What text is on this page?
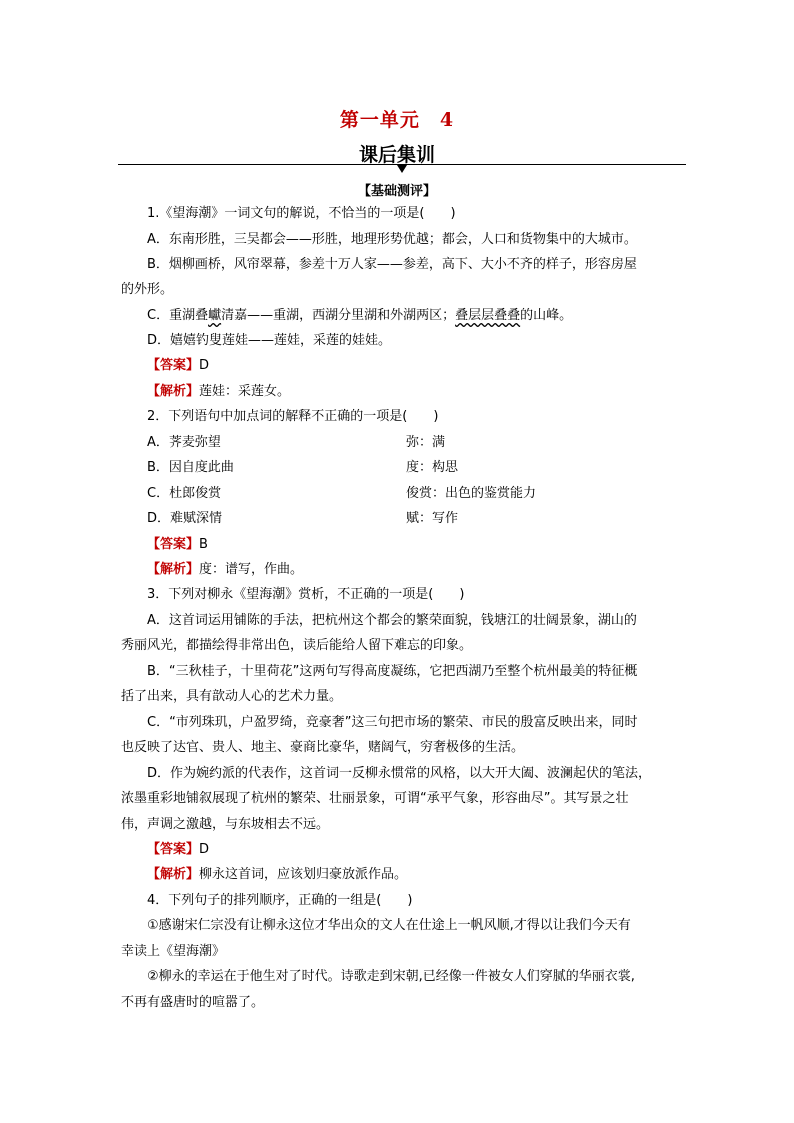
第一单元　4
课后集训
【基础测评】
1.《望海潮》一词文句的解说，不恰当的一项是(　　)
A．东南形胜，三吴都会——形胜，地理形势优越；都会，人口和货物集中的大城市。
B．烟柳画桥，风帘翠幕，参差十万人家——参差，高下、大小不齐的样子，形容房屋
的外形。
C．重湖叠巘清嘉——重湖，西湖分里湖和外湖两区；叠层层叠叠的山峰。
D．嬉嬉钓叟莲娃——莲娃，采莲的娃娃。
【答案】D
【解析】莲娃：采莲女。
2．下列语句中加点词的解释不正确的一项是(　　)
A．荠麦弥望	弥：满
B．因自度此曲	度：构思
C．杜郎俊赏	俊赏：出色的鉴赏能力
D．难赋深情	赋：写作
【答案】B
【解析】度：谱写，作曲。
3．下列对柳永《望海潮》赏析，不正确的一项是(　　)
A．这首词运用铺陈的手法，把杭州这个都会的繁荣面貌，钱塘江的壮阔景象，湖山的
秀丽风光，都描绘得非常出色，读后能给人留下难忘的印象。
B．“三秋桂子，十里荷花”这两句写得高度凝练，它把西湖乃至整个杭州最美的特征概
括了出来，具有歆动人心的艺术力量。
C．“市列珠玑，户盈罗绮，竞豪奢”这三句把市场的繁荣、市民的殷富反映出来，同时
也反映了达官、贵人、地主、豪商比豪华，赌阔气，穷奢极侈的生活。
D．作为婉约派的代表作，这首词一反柳永惯常的风格，以大开大阖、波澜起伏的笔法，
浓墨重彩地铺叙展现了杭州的繁荣、壮丽景象，可谓“承平气象，形容曲尽”。其写景之壮
伟，声调之激越，与东坡相去不远。
【答案】D
【解析】柳永这首词，应该划归豪放派作品。
4．下列句子的排列顺序，正确的一组是(　　)
①感谢宋仁宗没有让柳永这位才华出众的文人在仕途上一帆风顺,才得以让我们今天有
幸读上《望海潮》
②柳永的幸运在于他生对了时代。诗歌走到宋朝,已经像一件被女人们穿腻的华丽衣裳,
不再有盛唐时的喧嚣了。
